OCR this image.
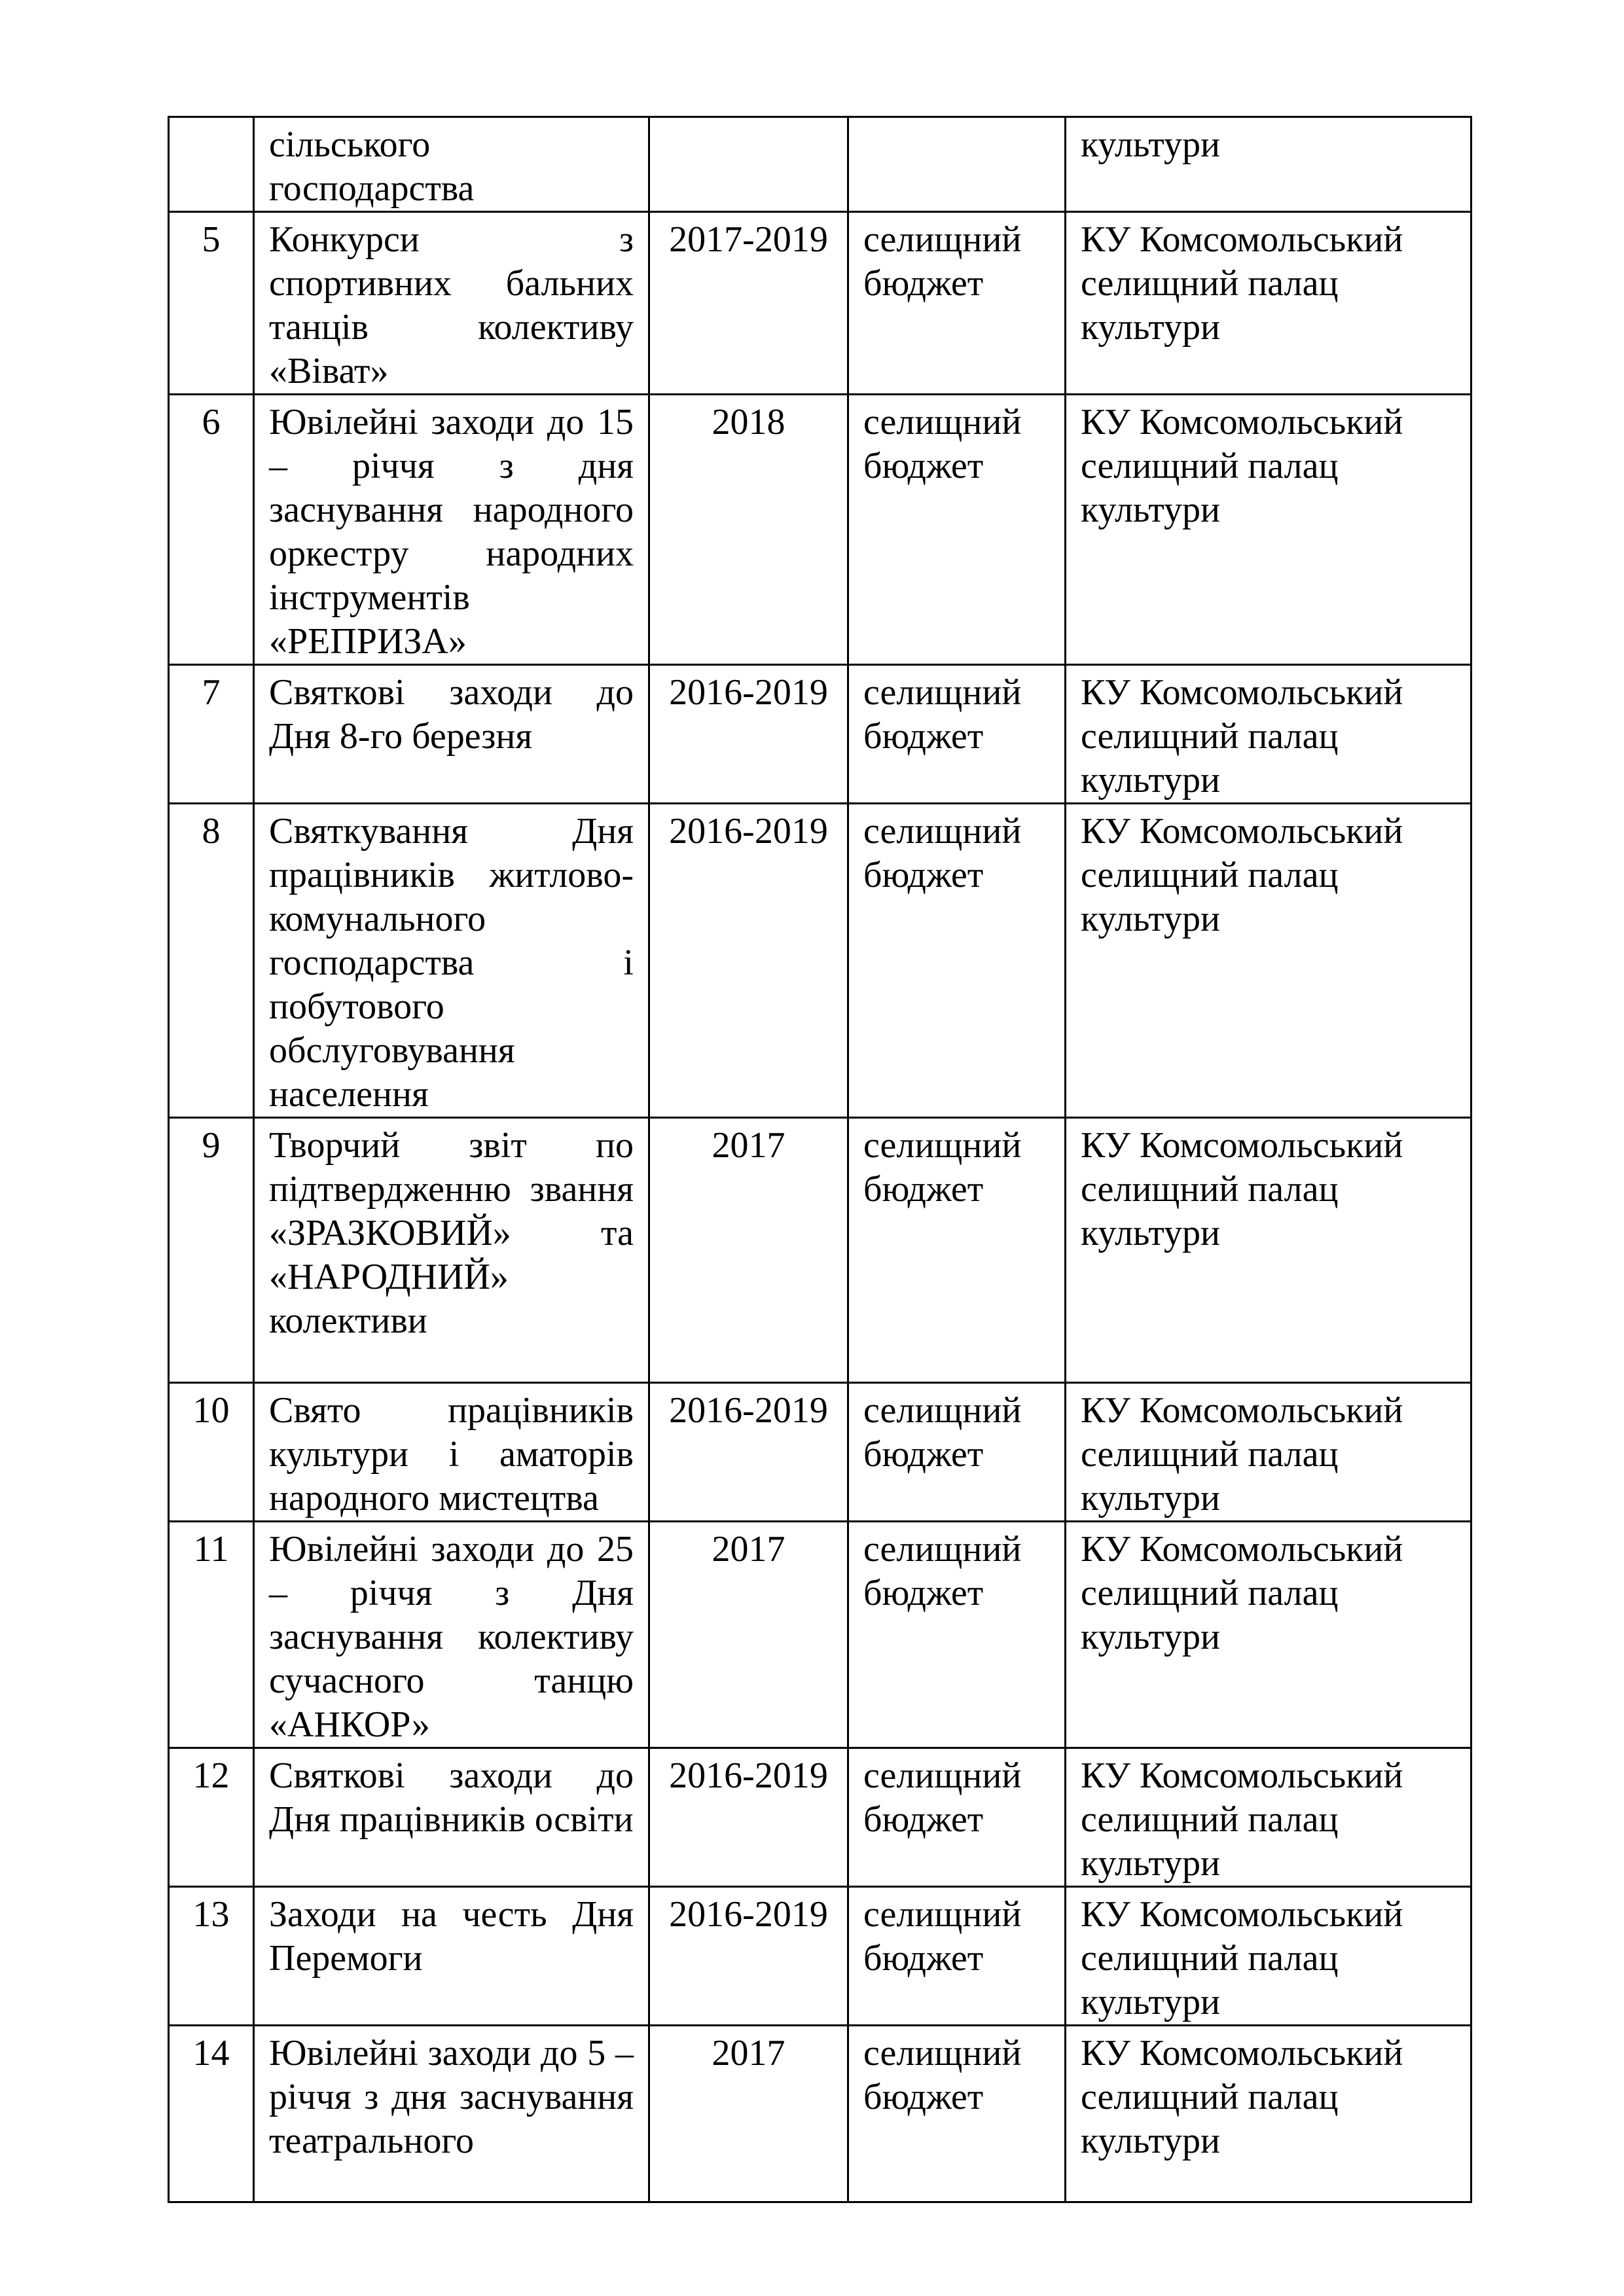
	сільського господарства			культури
5	Конкурси з спортивних бальних танців колективу «Віват»	2017-2019	селищний бюджет	КУ Комсомольський селищний палац культури
6	Ювілейні заходи до 15 – річчя з дня заснування народного оркестру народних інструментів «РЕПРИЗА»	2018	селищний бюджет	КУ Комсомольський селищний палац культури
7	Святкові заходи до Дня 8-го березня	2016-2019	селищний бюджет	КУ Комсомольський селищний палац культури
8	Святкування Дня працівників житлово-комунального господарства і побутового обслуговування населення	2016-2019	селищний бюджет	КУ Комсомольський селищний палац культури
9	Творчий звіт по підтвердженню звання «ЗРАЗКОВИЙ» та «НАРОДНИЙ» колективи	2017	селищний бюджет	КУ Комсомольський селищний палац культури
10	Свято працівників культури і аматорів народного мистецтва	2016-2019	селищний бюджет	КУ Комсомольський селищний палац культури
11	Ювілейні заходи до 25 – річчя з Дня заснування колективу сучасного танцю «АНКОР»	2017	селищний бюджет	КУ Комсомольський селищний палац культури
12	Святкові заходи до Дня працівників освіти	2016-2019	селищний бюджет	КУ Комсомольський селищний палац культури
13	Заходи на честь Дня Перемоги	2016-2019	селищний бюджет	КУ Комсомольський селищний палац культури
14	Ювілейні заходи до 5 – річчя з дня заснування театрального	2017	селищний бюджет	КУ Комсомольський селищний палац культури
